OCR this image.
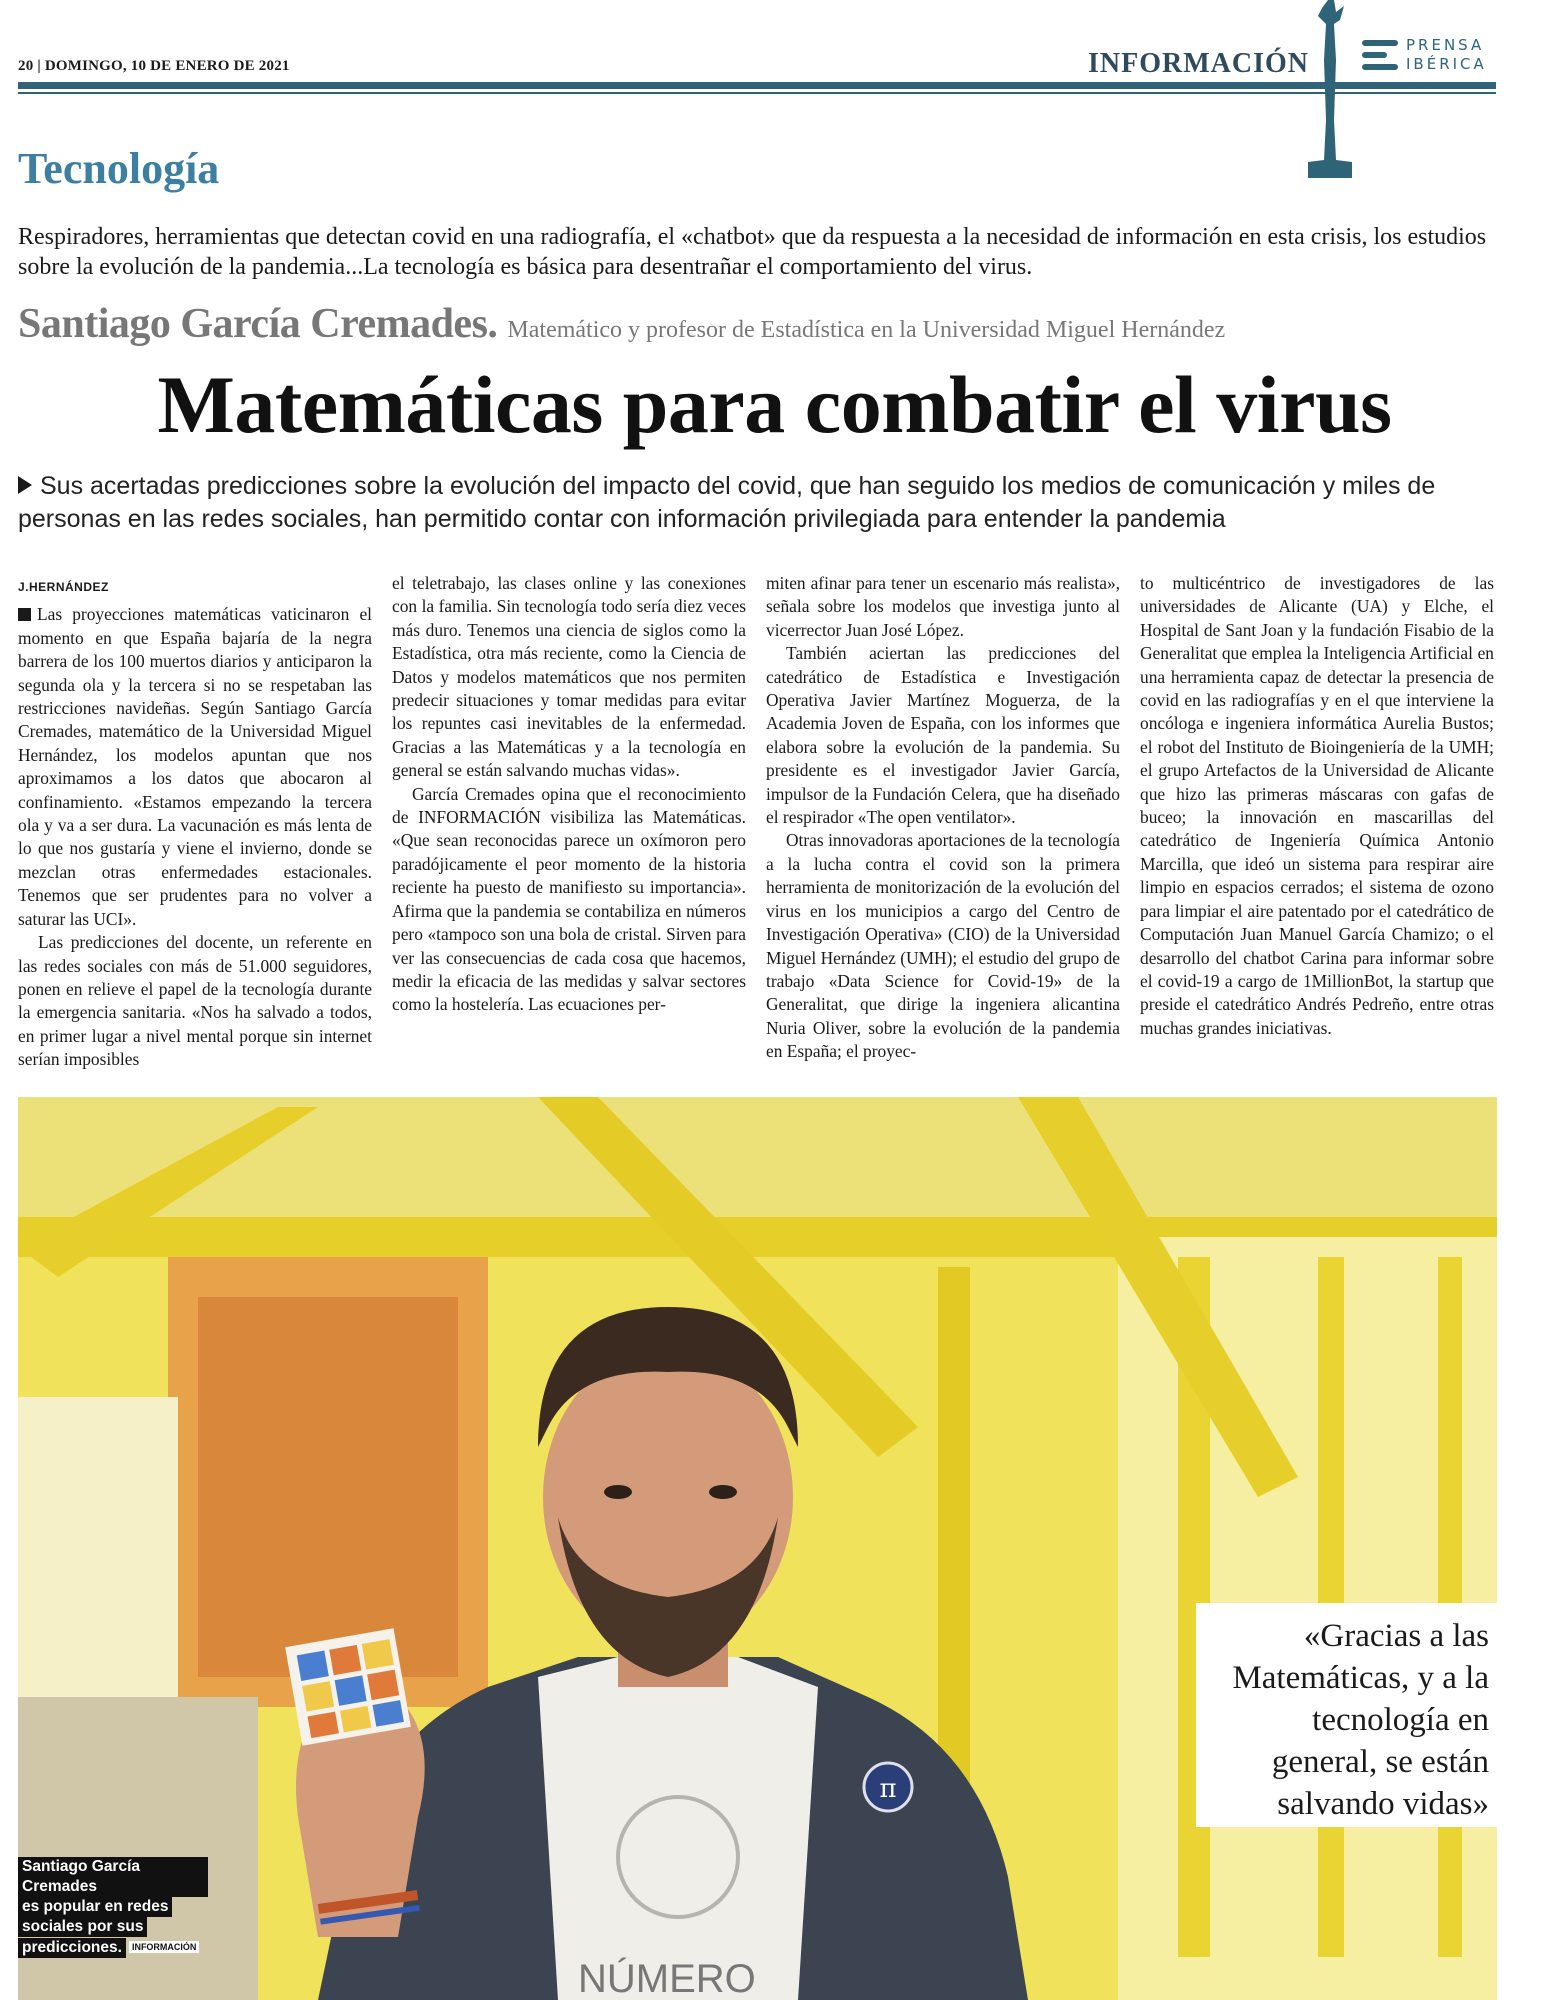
20 | DOMINGO, 10 DE ENERO DE 2021	INFORMACIÓN
PRENSA
IBÉRICA
Tecnología
Respiradores, herramientas que detectan covid en una radiografía, el «chatbot» que da respuesta a la necesidad de información en esta crisis, los estudios sobre la evolución de la pandemia...La tecnología es básica para desentrañar el comportamiento del virus.
Santiago García Cremades. Matemático y profesor de Estadística en la Universidad Miguel Hernández
Matemáticas para combatir el virus
Sus acertadas predicciones sobre la evolución del impacto del covid, que han seguido los medios de comunicación y miles de personas en las redes sociales, han permitido contar con información privilegiada para entender la pandemia
J.HERNÁNDEZ

Las proyecciones matemáticas vaticinaron el momento en que España bajaría de la negra barrera de los 100 muertos diarios y anticiparon la segunda ola y la tercera si no se respetaban las restricciones navideñas. Según Santiago García Cremades, matemático de la Universidad Miguel Hernández, los modelos apuntan que nos aproximamos a los datos que abocaron al confinamiento. «Estamos empezando la tercera ola y va a ser dura. La vacunación es más lenta de lo que nos gustaría y viene el invierno, donde se mezclan otras enfermedades estacionales. Tenemos que ser prudentes para no volver a saturar las UCI».

Las predicciones del docente, un referente en las redes sociales con más de 51.000 seguidores, ponen en relieve el papel de la tecnología durante la emergencia sanitaria. «Nos ha salvado a todos, en primer lugar a nivel mental porque sin internet serían imposibles

el teletrabajo, las clases online y las conexiones con la familia. Sin tecnología todo sería diez veces más duro. Tenemos una ciencia de siglos como la Estadística, otra más reciente, como la Ciencia de Datos y modelos matemáticos que nos permiten predecir situaciones y tomar medidas para evitar los repuntes casi inevitables de la enfermedad. Gracias a las Matemáticas y a la tecnología en general se están salvando muchas vidas».

García Cremades opina que el reconocimiento de INFORMACIÓN visibiliza las Matemáticas. «Que sean reconocidas parece un oxímoron pero paradójicamente el peor momento de la historia reciente ha puesto de manifiesto su importancia». Afirma que la pandemia se contabiliza en números pero «tampoco son una bola de cristal. Sirven para ver las consecuencias de cada cosa que hacemos, medir la eficacia de las medidas y salvar sectores como la hostelería. Las ecuaciones per-

miten afinar para tener un escenario más realista», señala sobre los modelos que investiga junto al vicerrector Juan José López.

También aciertan las predicciones del catedrático de Estadística e Investigación Operativa Javier Martínez Moguerza, de la Academia Joven de España, con los informes que elabora sobre la evolución de la pandemia. Su presidente es el investigador Javier García, impulsor de la Fundación Celera, que ha diseñado el respirador «The open ventilator».

Otras innovadoras aportaciones de la tecnología a la lucha contra el covid son la primera herramienta de monitorización de la evolución del virus en los municipios a cargo del Centro de Investigación Operativa» (CIO) de la Universidad Miguel Hernández (UMH); el estudio del grupo de trabajo «Data Science for Covid-19» de la Generalitat, que dirige la ingeniera alicantina Nuria Oliver, sobre la evolución de la pandemia en España; el proyec-

to multicéntrico de investigadores de las universidades de Alicante (UA) y Elche, el Hospital de Sant Joan y la fundación Fisabio de la Generalitat que emplea la Inteligencia Artificial en una herramienta capaz de detectar la presencia de covid en las radiografías y en el que interviene la oncóloga e ingeniera informática Aurelia Bustos; el robot del Instituto de Bioingeniería de la UMH; el grupo Artefactos de la Universidad de Alicante que hizo las primeras máscaras con gafas de buceo; la innovación en mascarillas del catedrático de Ingeniería Química Antonio Marcilla, que ideó un sistema para respirar aire limpio en espacios cerrados; el sistema de ozono para limpiar el aire patentado por el catedrático de Computación Juan Manuel García Chamizo; o el desarrollo del chatbot Carina para informar sobre el covid-19 a cargo de 1MillionBot, la startup que preside el catedrático Andrés Pedreño, entre otras muchas grandes iniciativas.

NÚMERO
π
«Gracias a las Matemáticas, y a la tecnología en general, se están salvando vidas»
Santiago García Cremades
es popular en redes
sociales por sus
predicciones. INFORMACIÓN
